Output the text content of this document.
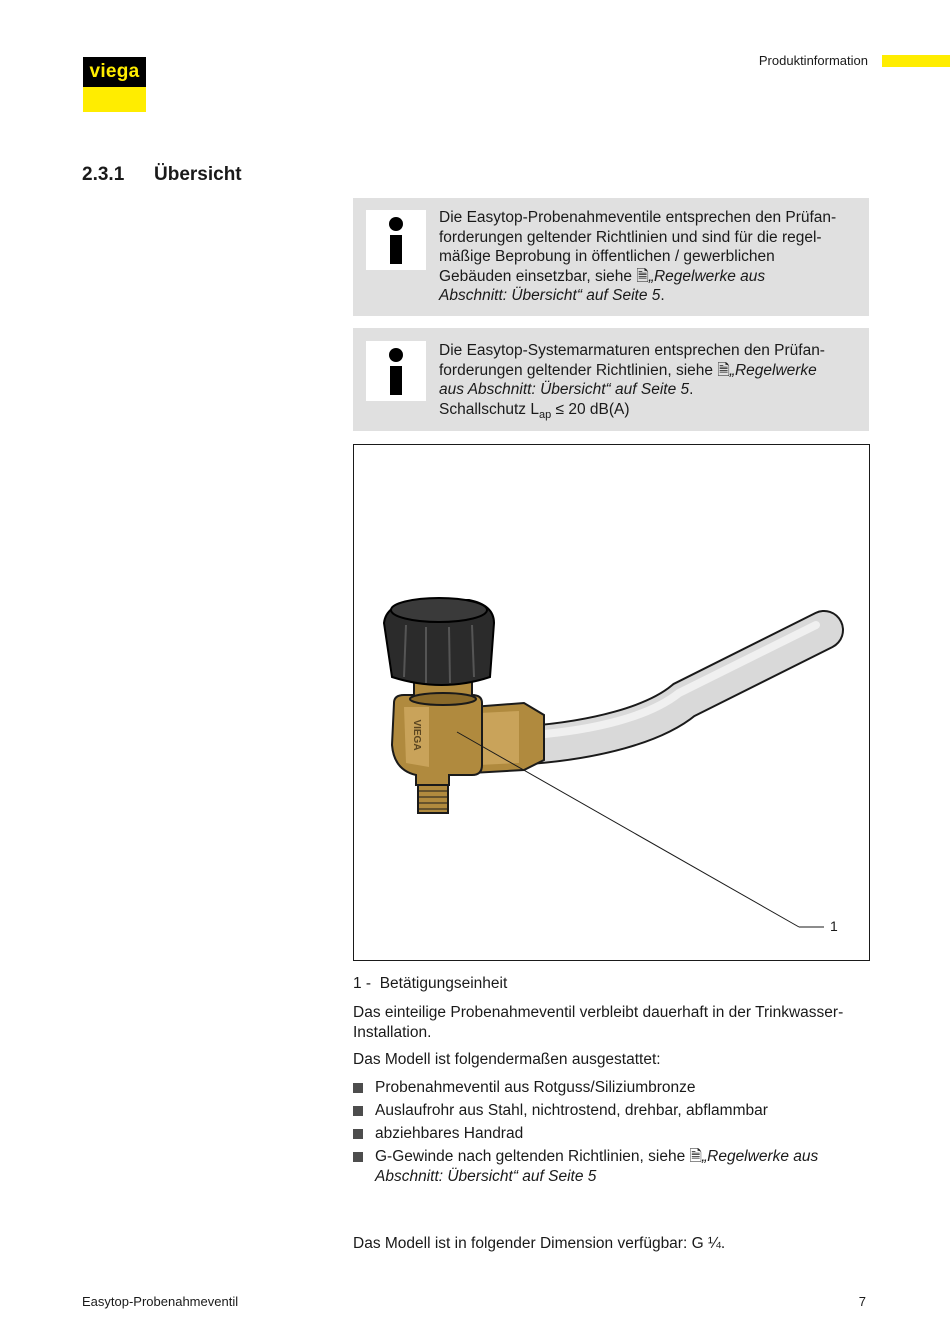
viega
Produktinformation
2.3.1 Übersicht
Die Easytop-Probenahmeventile entsprechen den Prüfan-
forderungen geltender Richtlinien und sind für die regel-
mäßige Beprobung in öffentlichen / gewerblichen
Gebäuden einsetzbar, siehe 🗎„Regelwerke aus
Abschnitt: Übersicht“ auf Seite 5.
Die Easytop-Systemarmaturen entsprechen den Prüfan-
forderungen geltender Richtlinien, siehe 🗎„Regelwerke
aus Abschnitt: Übersicht“ auf Seite 5.
Schallschutz $L_{ap} \le 20$ dB(A)
VIEGA
1
1 - Betätigungseinheit
Das einteilige Probenahmeventil verbleibt dauerhaft in der Trinkwasser-Installation.
Das Modell ist folgendermaßen ausgestattet:
Probenahmeventil aus Rotguss/Siliziumbronze
Auslaufrohr aus Stahl, nichtrostend, drehbar, abflammbar
abziehbares Handrad
G-Gewinde nach geltenden Richtlinien, siehe 🗎„Regelwerke aus
Abschnitt: Übersicht“ auf Seite 5
Das Modell ist in folgender Dimension verfügbar: G ¼.
Easytop-Probenahmeventil	7
